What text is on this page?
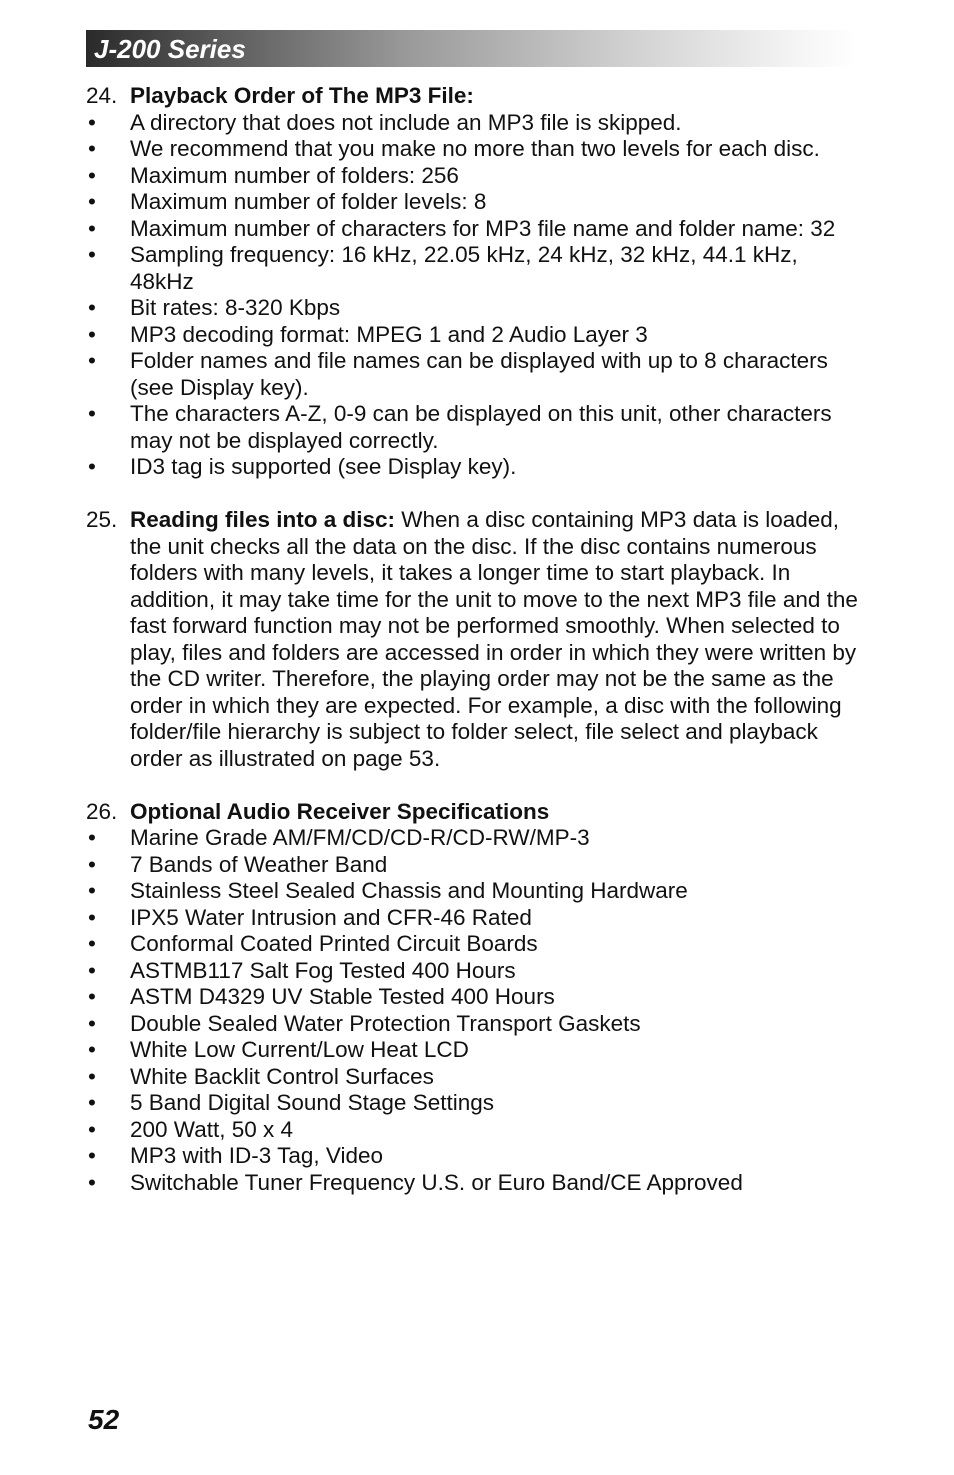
J-200 Series
24. Playback Order of The MP3 File:
•	A directory that does not include an MP3 file is skipped.
•	We recommend that you make no more than two levels for each disc.
•	Maximum number of folders: 256
•	Maximum number of folder levels: 8
•	Maximum number of characters for MP3 file name and folder name: 32
•	Sampling frequency: 16 kHz, 22.05 kHz, 24 kHz, 32 kHz, 44.1 kHz, 48kHz
•	Bit rates: 8-320 Kbps
•	MP3 decoding format: MPEG 1 and 2 Audio Layer 3
•	Folder names and file names can be displayed with up to 8 characters (see Display key).
•	The characters A-Z, 0-9 can be displayed on this unit, other characters may not be displayed correctly.
•	ID3 tag is supported (see Display key).
25. Reading files into a disc: When a disc containing MP3 data is loaded, the unit checks all the data on the disc. If the disc contains numerous folders with many levels, it takes a longer time to start playback. In addition, it may take time for the unit to move to the next MP3 file and the fast forward function may not be performed smoothly. When selected to play, files and folders are accessed in order in which they were written by the CD writer. Therefore, the playing order may not be the same as the order in which they are expected. For example, a disc with the following folder/file hierarchy is subject to folder select, file select and playback order as illustrated on page 53.
26. Optional Audio Receiver Specifications
•	Marine Grade AM/FM/CD/CD-R/CD-RW/MP-3
•	7 Bands of Weather Band
•	Stainless Steel Sealed Chassis and Mounting Hardware
•	IPX5 Water Intrusion and CFR-46 Rated
•	Conformal Coated Printed Circuit Boards
•	ASTMB117 Salt Fog Tested 400 Hours
•	ASTM D4329 UV Stable Tested 400 Hours
•	Double Sealed Water Protection Transport Gaskets
•	White Low Current/Low Heat LCD
•	White Backlit Control Surfaces
•	5 Band Digital Sound Stage Settings
•	200 Watt, 50 x 4
•	MP3 with ID-3 Tag, Video
•	Switchable Tuner Frequency U.S. or Euro Band/CE Approved
52
